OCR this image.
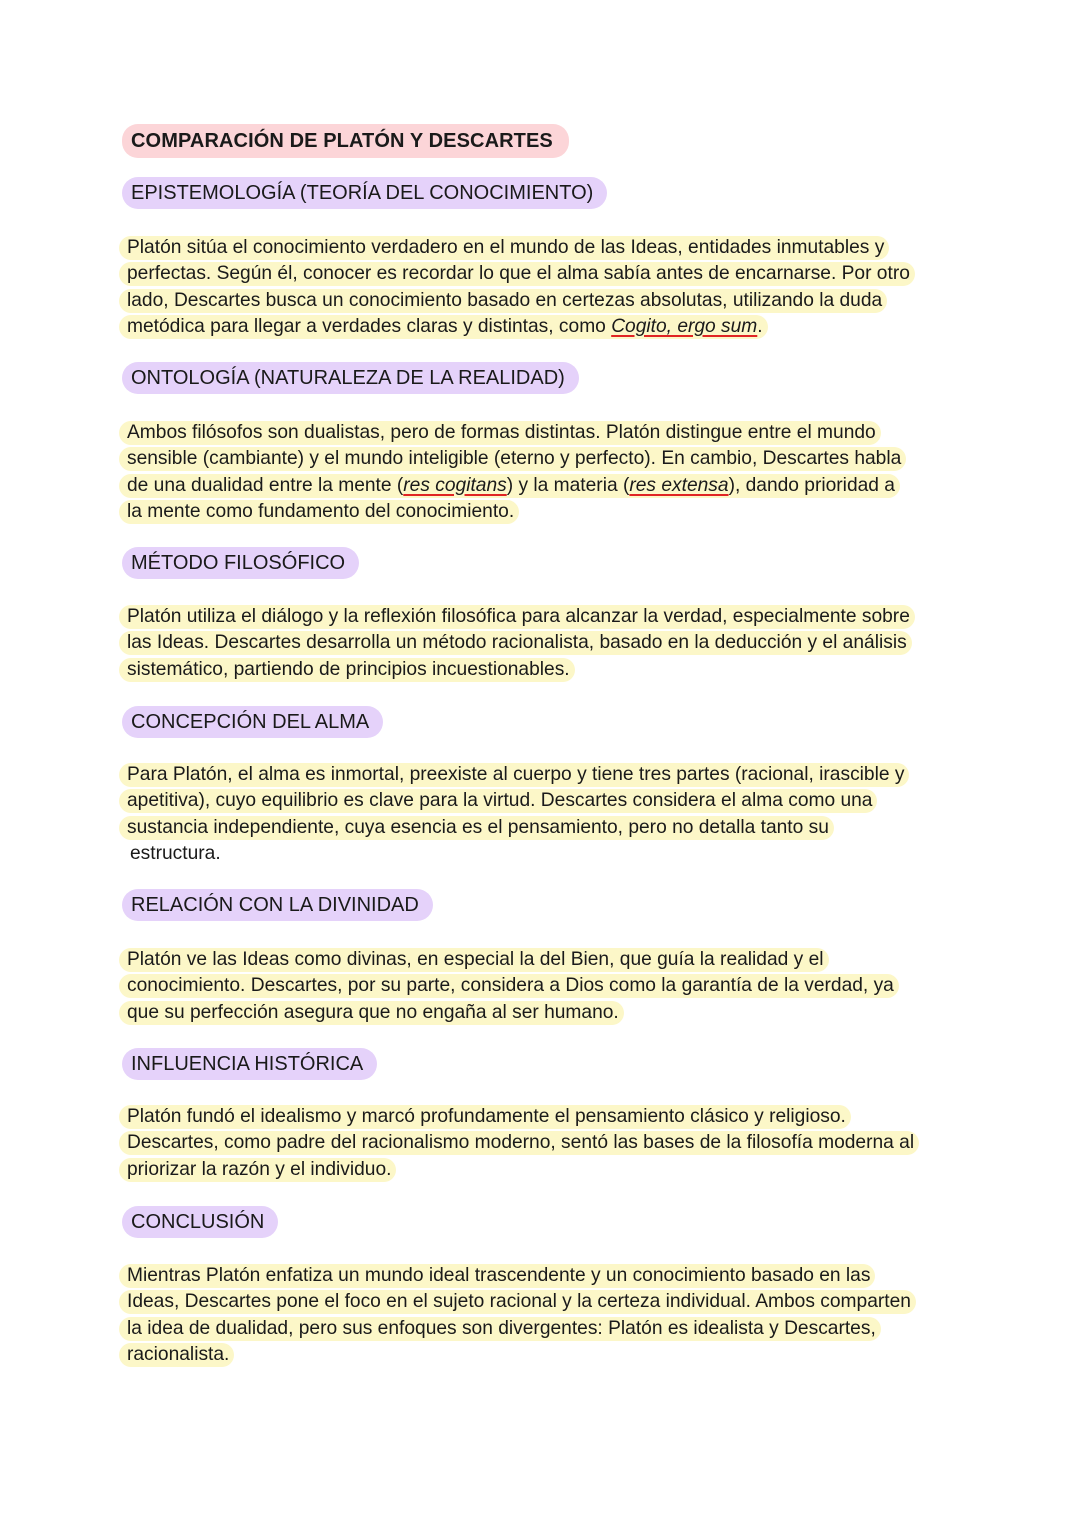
COMPARACIÓN DE PLATÓN Y DESCARTES
EPISTEMOLOGÍA (TEORÍA DEL CONOCIMIENTO)
Platón sitúa el conocimiento verdadero en el mundo de las Ideas, entidades inmutables y
perfectas. Según él, conocer es recordar lo que el alma sabía antes de encarnarse. Por otro
lado, Descartes busca un conocimiento basado en certezas absolutas, utilizando la duda
metódica para llegar a verdades claras y distintas, como Cogito, ergo sum.
ONTOLOGÍA (NATURALEZA DE LA REALIDAD)
Ambos filósofos son dualistas, pero de formas distintas. Platón distingue entre el mundo
sensible (cambiante) y el mundo inteligible (eterno y perfecto). En cambio, Descartes habla
de una dualidad entre la mente (res cogitans) y la materia (res extensa), dando prioridad a
la mente como fundamento del conocimiento.
MÉTODO FILOSÓFICO
Platón utiliza el diálogo y la reflexión filosófica para alcanzar la verdad, especialmente sobre
las Ideas. Descartes desarrolla un método racionalista, basado en la deducción y el análisis
sistemático, partiendo de principios incuestionables.
CONCEPCIÓN DEL ALMA
Para Platón, el alma es inmortal, preexiste al cuerpo y tiene tres partes (racional, irascible y
apetitiva), cuyo equilibrio es clave para la virtud. Descartes considera el alma como una
sustancia independiente, cuya esencia es el pensamiento, pero no detalla tanto su
estructura.
RELACIÓN CON LA DIVINIDAD
Platón ve las Ideas como divinas, en especial la del Bien, que guía la realidad y el
conocimiento. Descartes, por su parte, considera a Dios como la garantía de la verdad, ya
que su perfección asegura que no engaña al ser humano.
INFLUENCIA HISTÓRICA
Platón fundó el idealismo y marcó profundamente el pensamiento clásico y religioso.
Descartes, como padre del racionalismo moderno, sentó las bases de la filosofía moderna al
priorizar la razón y el individuo.
CONCLUSIÓN
Mientras Platón enfatiza un mundo ideal trascendente y un conocimiento basado en las
Ideas, Descartes pone el foco en el sujeto racional y la certeza individual. Ambos comparten
la idea de dualidad, pero sus enfoques son divergentes: Platón es idealista y Descartes,
racionalista.
